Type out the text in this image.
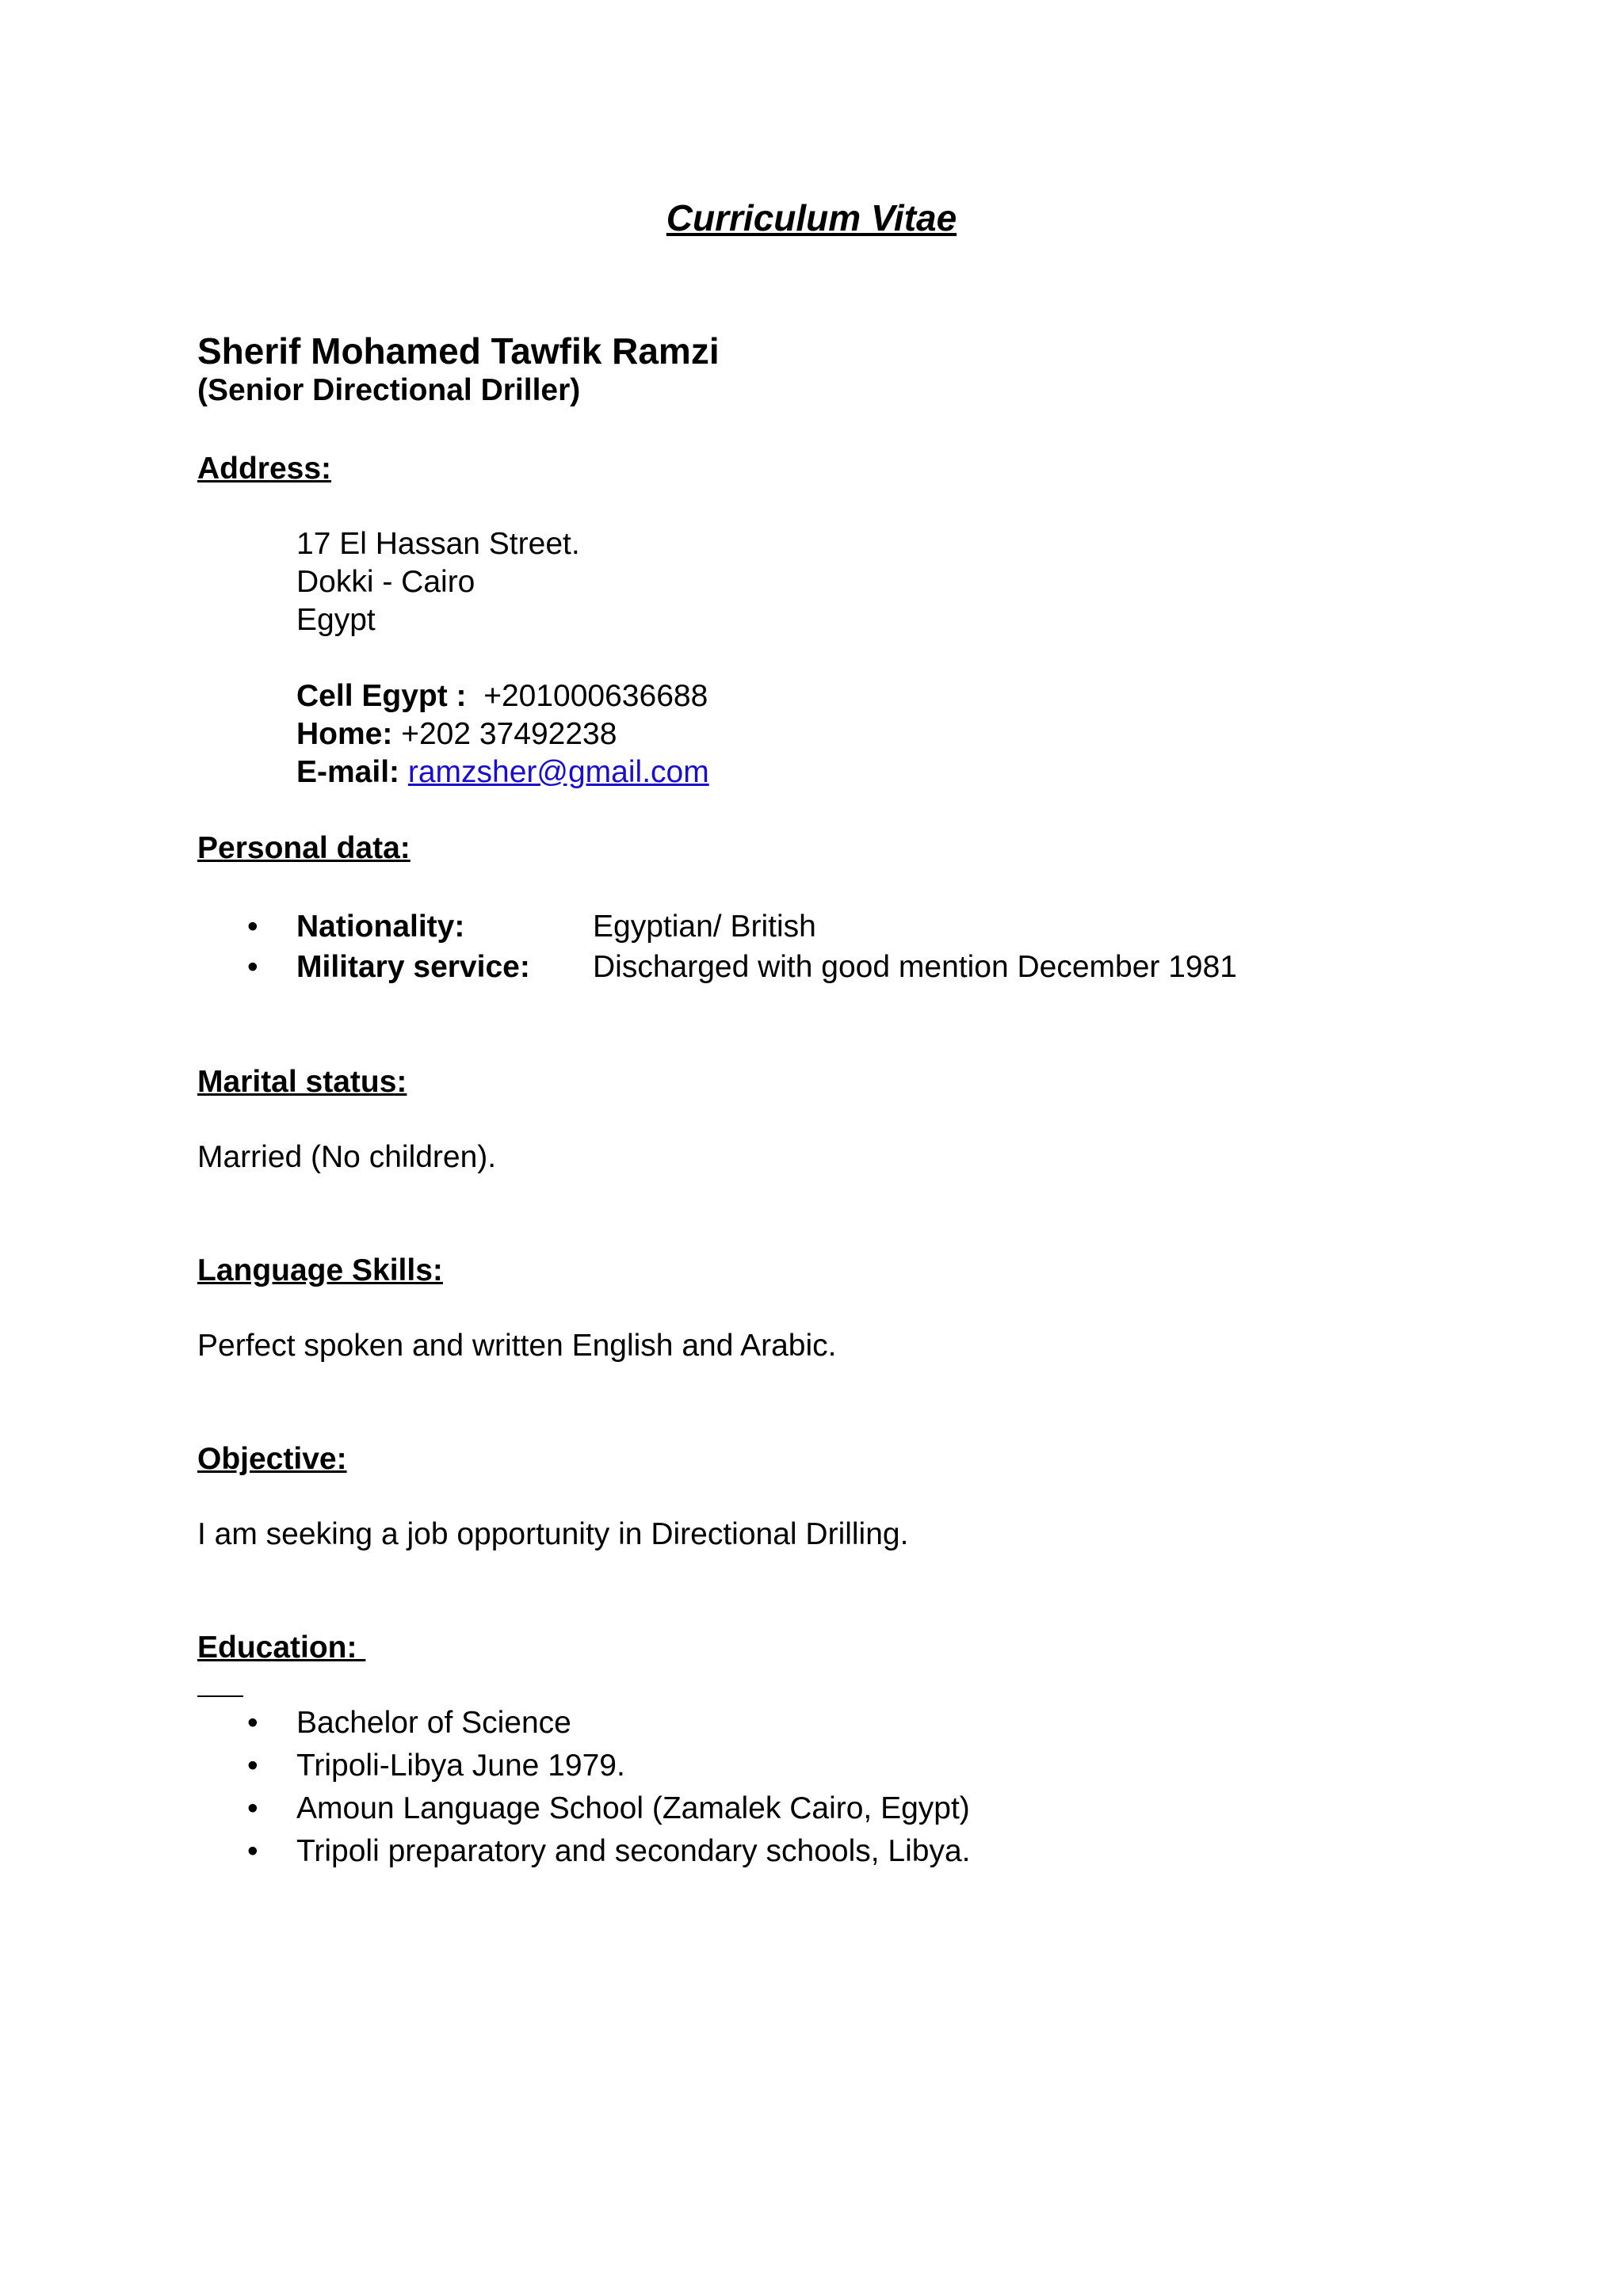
Curriculum Vitae
Sherif Mohamed Tawfik Ramzi
(Senior Directional Driller)
Address:
17 El Hassan Street.
Dokki - Cairo
Egypt
Cell Egypt : +201000636688
Home: +202 37492238
E-mail: ramzsher@gmail.com
Personal data:
• Nationality:	Egyptian/ British
• Military service: Discharged with good mention December 1981
Marital status:
Married (No children).
Language Skills:
Perfect spoken and written English and Arabic.
Objective:
I am seeking a job opportunity in Directional Drilling.
Education:
• Bachelor of Science
• Tripoli-Libya June 1979.
• Amoun Language School (Zamalek Cairo, Egypt)
• Tripoli preparatory and secondary schools, Libya.
